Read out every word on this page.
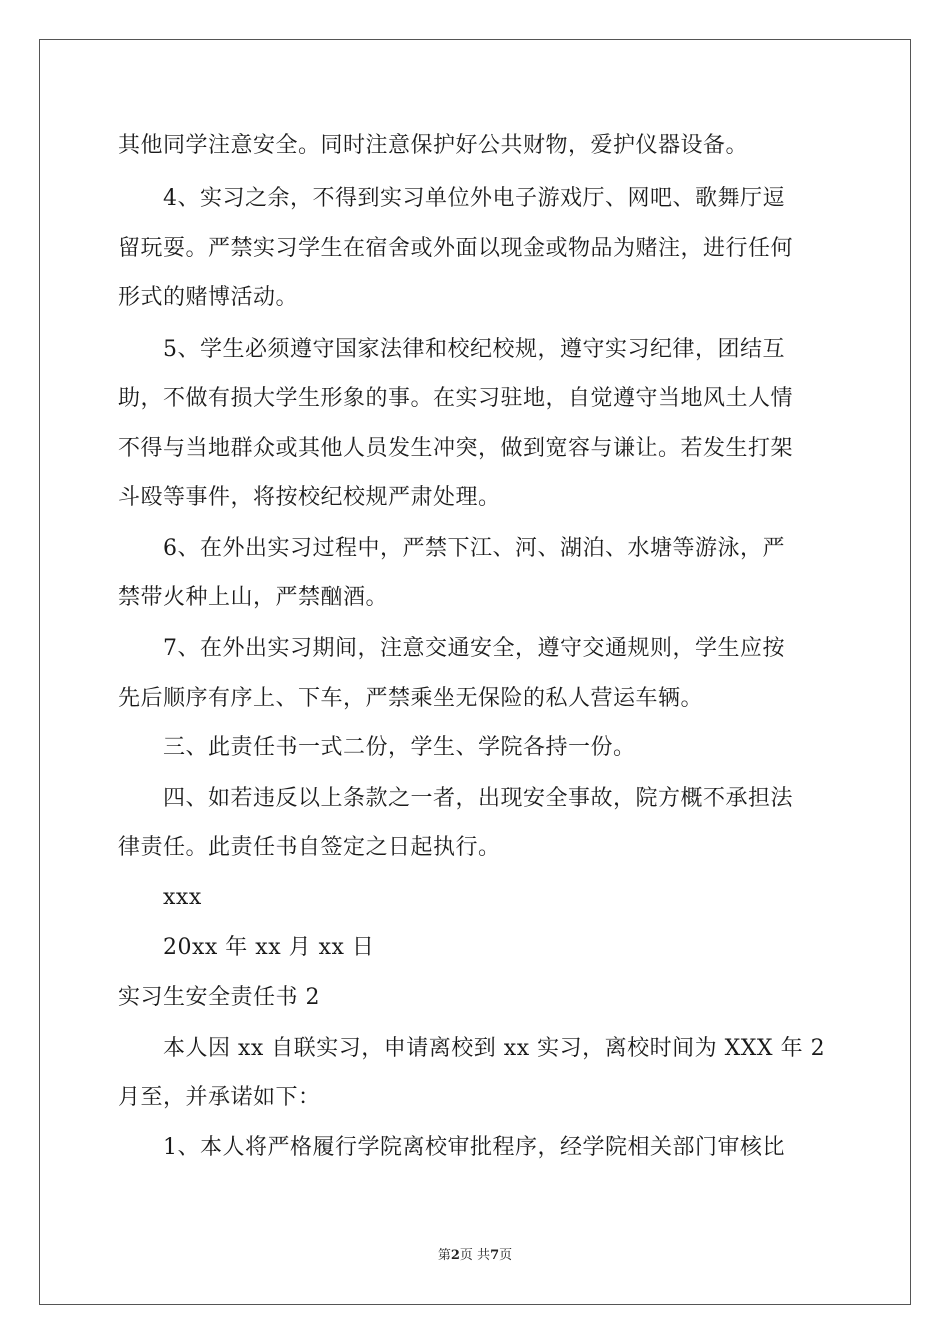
其他同学注意安全。同时注意保护好公共财物，爱护仪器设备。
4、实习之余，不得到实习单位外电子游戏厅、网吧、歌舞厅逗
留玩耍。严禁实习学生在宿舍或外面以现金或物品为赌注，进行任何
形式的赌博活动。
5、学生必须遵守国家法律和校纪校规，遵守实习纪律，团结互
助，不做有损大学生形象的事。在实习驻地，自觉遵守当地风土人情
不得与当地群众或其他人员发生冲突，做到宽容与谦让。若发生打架
斗殴等事件，将按校纪校规严肃处理。
6、在外出实习过程中，严禁下江、河、湖泊、水塘等游泳，严
禁带火种上山，严禁酗酒。
7、在外出实习期间，注意交通安全，遵守交通规则，学生应按
先后顺序有序上、下车，严禁乘坐无保险的私人营运车辆。
三、此责任书一式二份，学生、学院各持一份。
四、如若违反以上条款之一者，出现安全事故，院方概不承担法
律责任。此责任书自签定之日起执行。
xxx
20xx 年 xx 月 xx 日
实习生安全责任书 2
本人因 xx 自联实习，申请离校到 xx 实习，离校时间为 XXX 年 2
月至，并承诺如下：
1、本人将严格履行学院离校审批程序，经学院相关部门审核比
第2页 共7页
